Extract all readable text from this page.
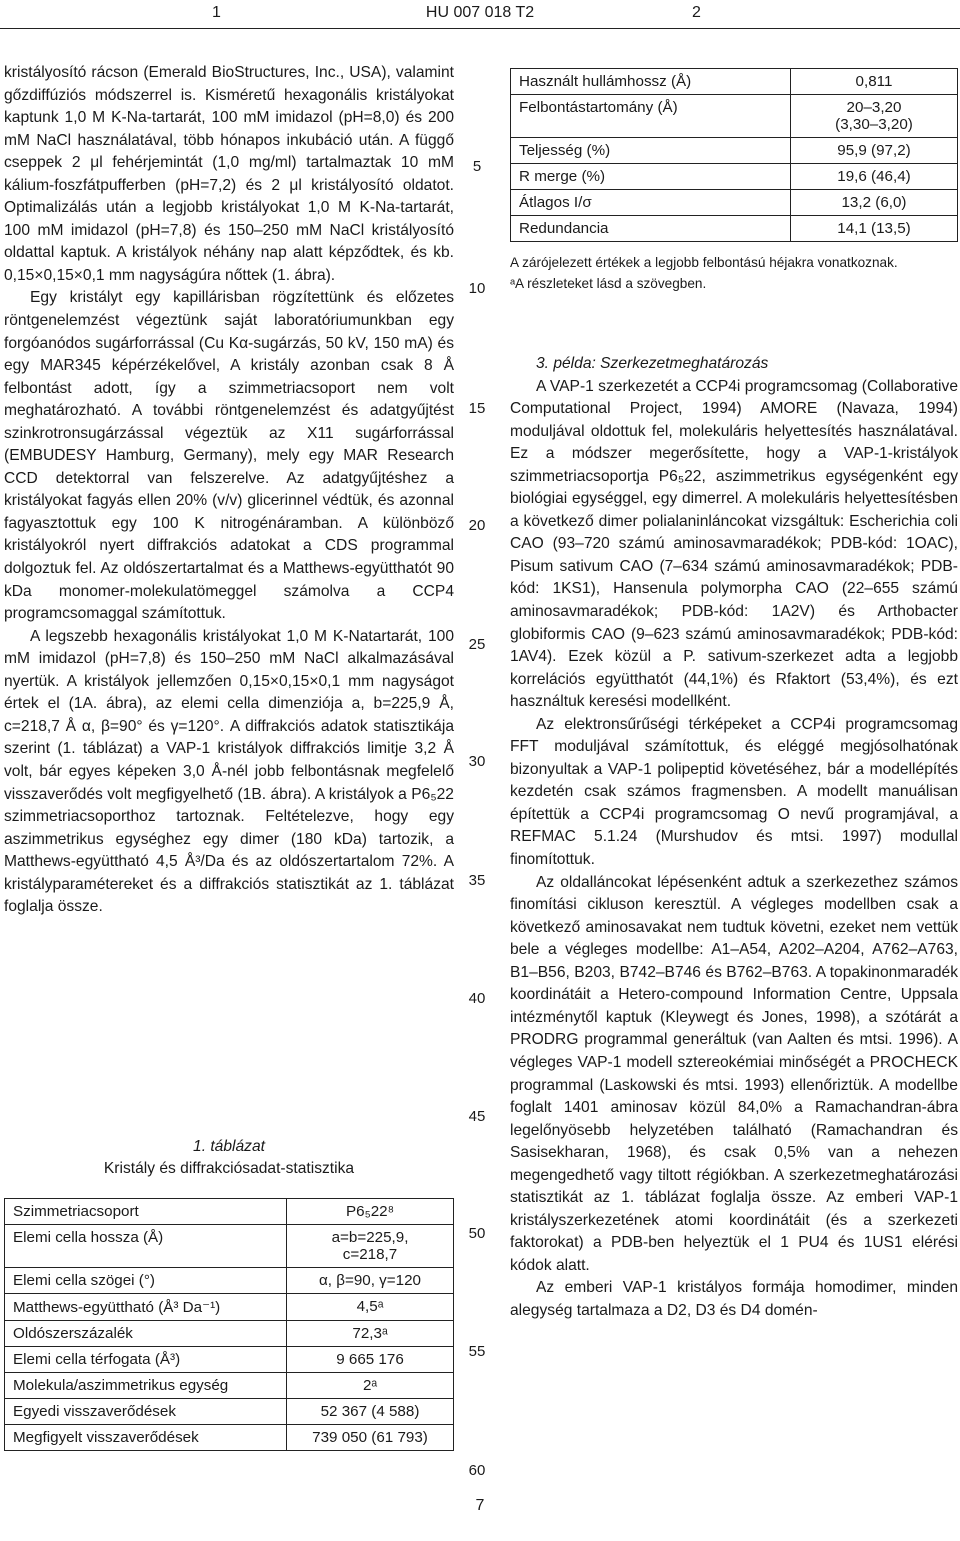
1	HU 007 018 T2	2

kristályosító rácson (Emerald BioStructures, Inc., USA), valamint gőzdiffúziós módszerrel is. Kisméretű hexagonális kristályokat kaptunk 1,0 M K-Na-tartarát, 100 mM imidazol (pH=8,0) és 200 mM NaCl használatával, több hónapos inkubáció után. A függő cseppek 2 μl fehérjemintát (1,0 mg/ml) tartalmaztak 10 mM kálium-foszfátpufferben (pH=7,2) és 2 μl kristályosító oldatot. Optimalizálás után a legjobb kristályokat 1,0 M K-Na-tartarát, 100 mM imidazol (pH=7,8) és 150–250 mM NaCl kristályosító oldattal kaptuk. A kristályok néhány nap alatt képződtek, és kb. 0,15×0,15×0,1 mm nagyságúra nőttek (1. ábra).

Egy kristályt egy kapillárisban rögzítettünk és előzetes röntgenelemzést végeztünk saját laboratóriumunkban egy forgóanódos sugárforrással (Cu Kα-sugárzás, 50 kV, 150 mA) és egy MAR345 képérzékelővel, A kristály azonban csak 8 Å felbontást adott, így a szimmetriacsoport nem volt meghatározható. A további röntgenelemzést és adatgyűjtést szinkrotronsugárzással végeztük az X11 sugárforrással (EMBUDESY Hamburg, Germany), mely egy MAR Research CCD detektorral van felszerelve. Az adatgyűjtéshez a kristályokat fagyás ellen 20% (v/v) glicerinnel védtük, és azonnal fagyasztottuk egy 100 K nitrogénáramban. A különböző kristályokról nyert diffrakciós adatokat a CDS programmal dolgoztuk fel. Az oldószertartalmat és a Matthews-együtthatót 90 kDa monomer-molekulatömeggel számolva a CCP4 programcsomaggal számítottuk.

A legszebb hexagonális kristályokat 1,0 M K-Natartarát, 100 mM imidazol (pH=7,8) és 150–250 mM NaCl alkalmazásával nyertük. A kristályok jellemzően 0,15×0,15×0,1 mm nagyságot értek el (1A. ábra), az elemi cella dimenziója a, b=225,9 Å, c=218,7 Å α, β=90° és γ=120°. A diffrakciós adatok statisztikája szerint (1. táblázat) a VAP-1 kristályok diffrakciós limitje 3,2 Å volt, bár egyes képeken 3,0 Å-nél jobb felbontásnak megfelelő visszaverődés volt megfigyelhető (1B. ábra). A kristályok a P6₅22 szimmetriacsoporthoz tartoznak. Feltételezve, hogy egy aszimmetrikus egységhez egy dimer (180 kDa) tartozik, a Matthews-együttható 4,5 Å³/Da és az oldószertartalom 72%. A kristályparamétereket és a diffrakciós statisztikát az 1. táblázat foglalja össze.

1. táblázat
Kristály és diffrakciósadat-statisztika
Szimmetriacsoport	P6₅22⁸
Elemi cella hossza (Å)	a=b=225,9,
c=218,7
Elemi cella szögei (°)	α, β=90, γ=120
Matthews-együttható (Å³ Da⁻¹)	4,5ᵃ
Oldószerszázalék	72,3ᵃ
Elemi cella térfogata (Å³)	9 665 176
Molekula/aszimmetrikus egység	2ᵃ
Egyedi visszaverődések	52 367 (4 588)
Megfigyelt visszaverődések	739 050 (61 793)
5
10
15
20
25
30
35
40
45
50
55
60
Használt hullámhossz (Å)	0,811
Felbontástartomány (Å)	20–3,20
(3,30–3,20)
Teljesség (%)	95,9 (97,2)
R merge (%)	19,6 (46,4)
Átlagos I/σ	13,2 (6,0)
Redundancia	14,1 (13,5)
A zárójelezett értékek a legjobb felbontású héjakra vonatkoznak.
ᵃA részleteket lásd a szövegben.

3. példa: Szerkezetmeghatározás

A VAP-1 szerkezetét a CCP4i programcsomag (Collaborative Computational Project, 1994) AMORE (Navaza, 1994) moduljával oldottuk fel, molekuláris helyettesítés használatával. Ez a módszer megerősítette, hogy a VAP-1-kristályok szimmetriacsoportja P6₅22, aszimmetrikus egységenként egy biológiai egységgel, egy dimerrel. A molekuláris helyettesítésben a következő dimer polialaninláncokat vizsgáltuk: Escherichia coli CAO (93–720 számú aminosavmaradékok; PDB-kód: 1OAC), Pisum sativum CAO (7–634 számú aminosavmaradékok; PDB-kód: 1KS1), Hansenula polymorpha CAO (22–655 számú aminosavmaradékok; PDB-kód: 1A2V) és Arthobacter globiformis CAO (9–623 számú aminosavmaradékok; PDB-kód: 1AV4). Ezek közül a P. sativum-szerkezet adta a legjobb korrelációs együtthatót (44,1%) és Rfaktort (53,4%), és ezt használtuk keresési modellként.

Az elektronsűrűségi térképeket a CCP4i programcsomag FFT moduljával számítottuk, és eléggé megjósolhatónak bizonyultak a VAP-1 polipeptid követéséhez, bár a modellépítés kezdetén csak számos fragmensben. A modellt manuálisan építettük a CCP4i programcsomag O nevű programjával, a REFMAC 5.1.24 (Murshudov és mtsi. 1997) modullal finomítottuk.

Az oldalláncokat lépésenként adtuk a szerkezethez számos finomítási cikluson keresztül. A végleges modellben csak a következő aminosavakat nem tudtuk követni, ezeket nem vettük bele a végleges modellbe: A1–A54, A202–A204, A762–A763, B1–B56, B203, B742–B746 és B762–B763. A topakinonmaradék koordinátáit a Hetero-compound Information Centre, Uppsala intézménytől kaptuk (Kleywegt és Jones, 1998), a szótárát a PRODRG programmal generáltuk (van Aalten és mtsi. 1996). A végleges VAP-1 modell sztereokémiai minőségét a PROCHECK programmal (Laskowski és mtsi. 1993) ellenőriztük. A modellbe foglalt 1401 aminosav közül 84,0% a Ramachandran-ábra legelőnyösebb helyzetében található (Ramachandran és Sasisekharan, 1968), és csak 0,5% van a nehezen megengedhető vagy tiltott régiókban. A szerkezetmeghatározási statisztikát az 1. táblázat foglalja össze. Az emberi VAP-1 kristályszerkezetének atomi koordinátáit (és a szerkezeti faktorokat) a PDB-ben helyeztük el 1 PU4 és 1US1 elérési kódok alatt.

Az emberi VAP-1 kristályos formája homodimer, minden alegység tartalmaza a D2, D3 és D4 domén-

7
